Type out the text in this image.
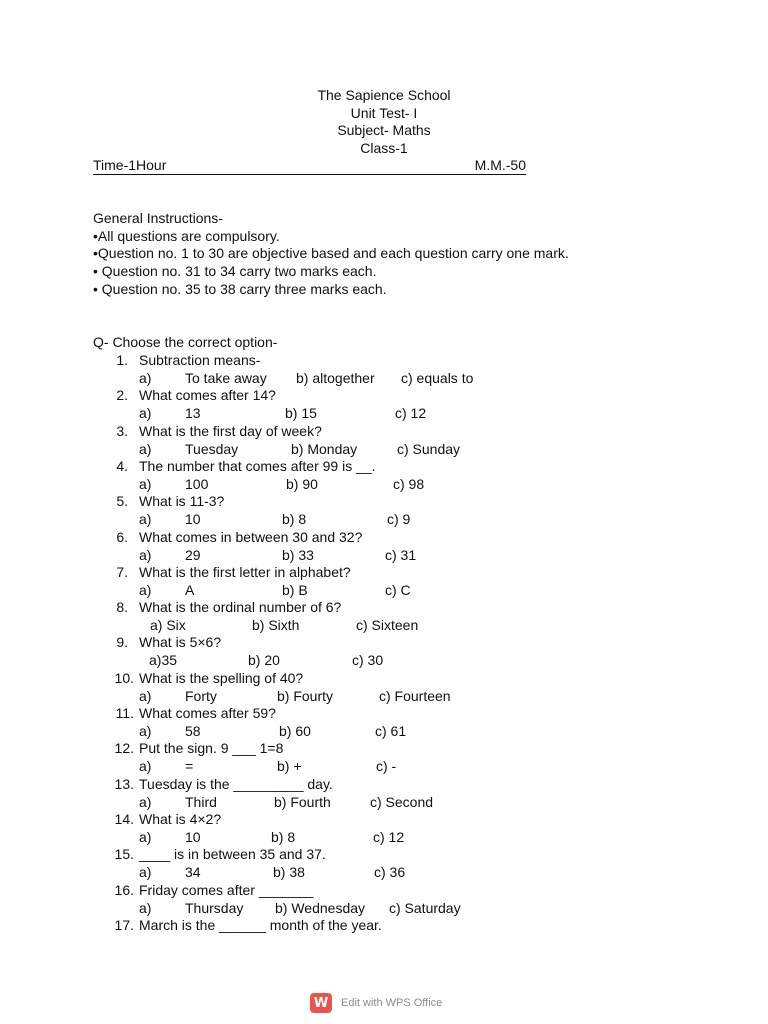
The Sapience School
Unit Test- I
Subject- Maths
Class-1
Time-1Hour	M.M.-50
General Instructions-
•All questions are compulsory.
•Question no. 1 to 30 are objective based and each question carry one mark.
• Question no. 31 to 34 carry two marks each.
• Question no. 35 to 38 carry three marks each.
Q- Choose the correct option-
1. Subtraction means-
a) To take away b) altogether c) equals to
2. What comes after 14?
a) 13	b) 15	c) 12
3. What is the first day of week?
a) Tuesday	b) Monday	c) Sunday
4. The number that comes after 99 is __.
a) 100	b) 90	c) 98
5. What is 11-3?
a) 10	b) 8	c) 9
6. What comes in between 30 and 32?
a) 29	b) 33	c) 31
7. What is the first letter in alphabet?
a) A	b) B	c) C
8. What is the ordinal number of 6?
a) Six	b) Sixth	c) Sixteen
9. What is 5×6?
a)35	b) 20	c) 30
10. What is the spelling of 40?
a) Forty	b) Fourty	c) Fourteen
11. What comes after 59?
a) 58	b) 60	c) 61
12. Put the sign. 9 ___ 1=8
a) =	b) +	c) -
13. Tuesday is the _________ day.
a) Third	b) Fourth	c) Second
14. What is 4×2?
a) 10	b) 8	c) 12
15. ____ is in between 35 and 37.
a) 34	b) 38	c) 36
16. Friday comes after _______
a) Thursday b) Wednesday c) Saturday
17. March is the ______ month of the year.
W	Edit with WPS Office
